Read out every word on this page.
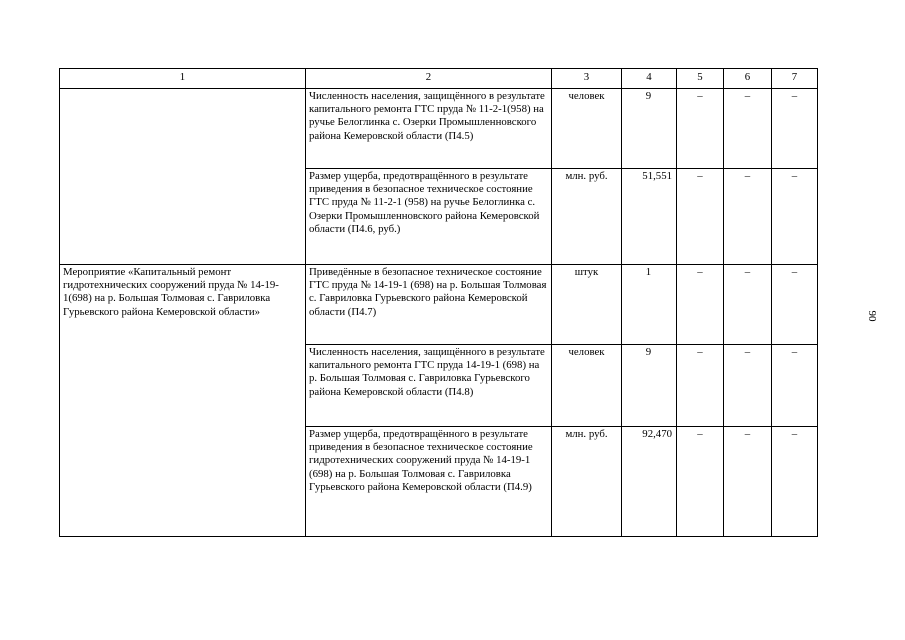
1	2	3	4	5	6	7
	Численность населения, защищённого в результате капитального ремонта ГТС пруда № 11-2-1(958) на ручье Белоглинка с. Озерки Промышленновского района Кемеровской области (П4.5)	человек	9	–	–	–
	Размер ущерба, предотвращённого в результате приведения в безопасное техническое состояние ГТС пруда № 11-2-1 (958) на ручье Белоглинка с. Озерки Промышленновского района Кемеровской области (П4.6, руб.)	млн. руб.	51,551	–	–	–
Мероприятие «Капитальный ремонт гидротехнических сооружений пруда № 14-19-1(698) на р. Большая Толмовая с. Гавриловка Гурьевского района Кемеровской области»	Приведённые в безопасное техническое состояние ГТС пруда № 14-19-1 (698) на р. Большая Толмовая с. Гавриловка Гурьевского района Кемеровской области (П4.7)	штук	1	–	–	–
	Численность населения, защищённого в результате капитального ремонта ГТС пруда 14-19-1 (698) на р. Большая Толмовая с. Гавриловка Гурьевского района Кемеровской области (П4.8)	человек	9	–	–	–
	Размер ущерба, предотвращённого в результате приведения в безопасное техническое состояние гидротехнических сооружений пруда № 14-19-1 (698) на р. Большая Толмовая с. Гавриловка Гурьевского района Кемеровской области (П4.9)	млн. руб.	92,470	–	–	–
90
